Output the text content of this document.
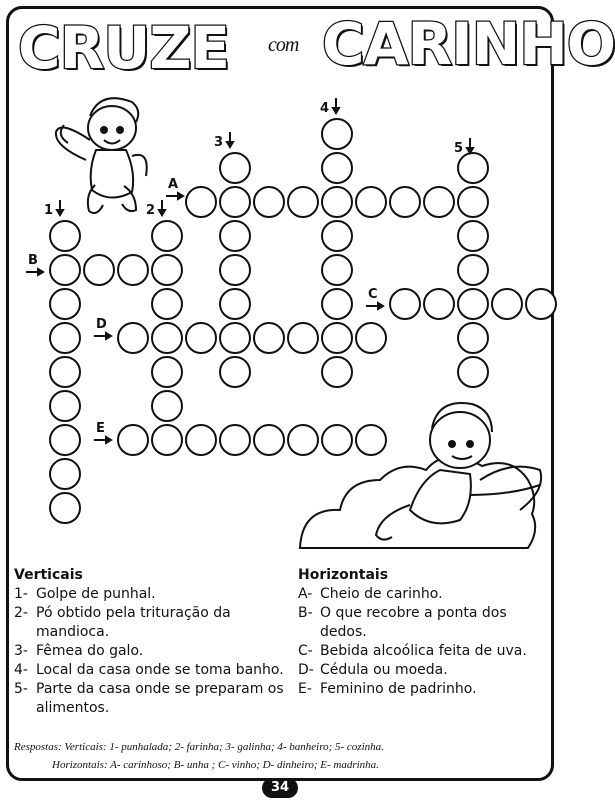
CRUZE com CARINHO
1	2
3
4
5
A
B
C
D
E
Verticais
1- Golpe de punhal.
2- Pó obtido pela trituração da mandioca.
3- Fêmea do galo.
4- Local da casa onde se toma banho.
5- Parte da casa onde se preparam os alimentos.
Horizontais
A- Cheio de carinho.
B- O que recobre a ponta dos dedos.
C- Bebida alcoólica feita de uva.
D- Cédula ou moeda.
E- Feminino de padrinho.
Respostas: Verticais: 1- punhalada; 2- farinha; 3- galinha; 4- banheiro; 5- cozinha.
Horizontais: A- carinhoso; B- unha ; C- vinho; D- dinheiro; E- madrinha.
34
